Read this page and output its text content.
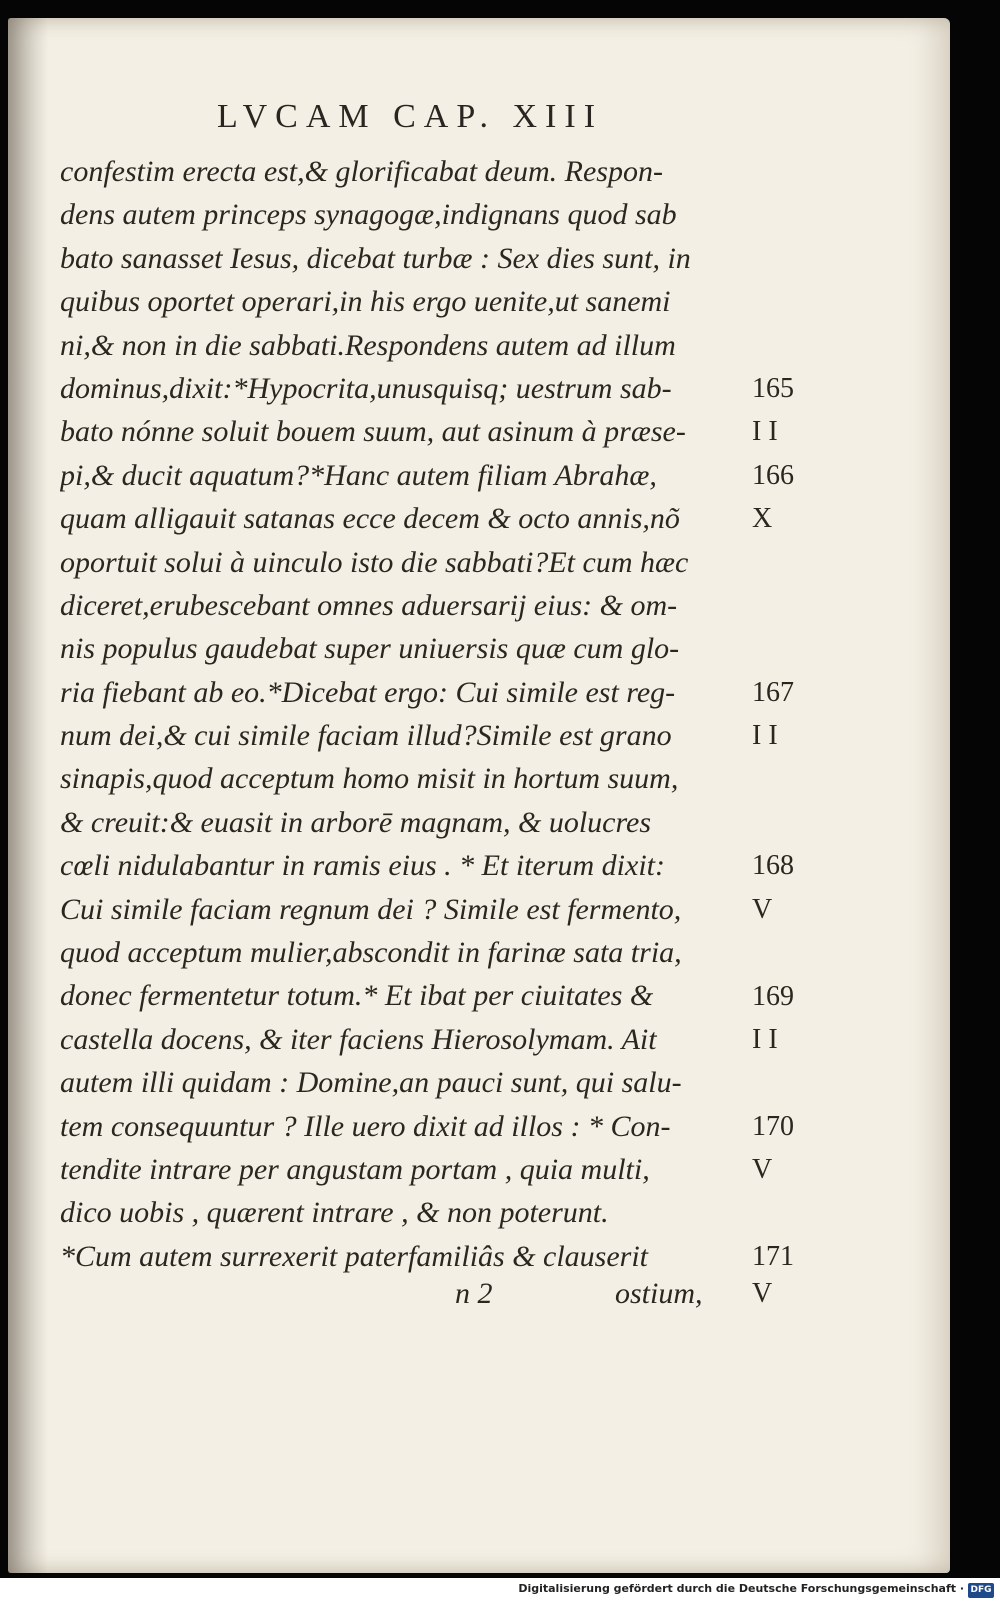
LVCAM CAP. XIII
confestim erecta est,& glorificabat deum. Respon-
dens autem princeps synagogæ,indignans quod sab
bato sanasset Iesus, dicebat turbæ : Sex dies sunt, in
quibus oportet operari,in his ergo uenite,ut sanemi
ni,& non in die sabbati.Respondens autem ad illum
dominus,dixit:*Hypocrita,unusquisq; uestrum sab-
bato nónne soluit bouem suum, aut asinum à præse-
pi,& ducit aquatum?*Hanc autem filiam Abrahæ,
quam alligauit satanas ecce decem & octo annis,nõ
oportuit solui à uinculo isto die sabbati?Et cum hæc
diceret,erubescebant omnes aduersarij eius: & om-
nis populus gaudebat super uniuersis quæ cum glo-
ria fiebant ab eo.*Dicebat ergo: Cui simile est reg-
num dei,& cui simile faciam illud?Simile est grano
sinapis,quod acceptum homo misit in hortum suum,
& creuit:& euasit in arborē magnam, & uolucres
cœli nidulabantur in ramis eius . * Et iterum dixit:
Cui simile faciam regnum dei ? Simile est fermento,
quod acceptum mulier,abscondit in farinæ sata tria,
donec fermentetur totum.* Et ibat per ciuitates &
castella docens, & iter faciens Hierosolymam. Ait
autem illi quidam : Domine,an pauci sunt, qui salu-
tem consequuntur ? Ille uero dixit ad illos : * Con-
tendite intrare per angustam portam , quia multi,
dico uobis , quærent intrare , & non poterunt.
*Cum autem surrexerit paterfamiliâs & clauserit
165
I I
166
X
167
I I
168
V
169
I I
170
V
171
n 2	ostium, V
Digitalisierung gefördert durch die Deutsche Forschungsgemeinschaft · DFG
